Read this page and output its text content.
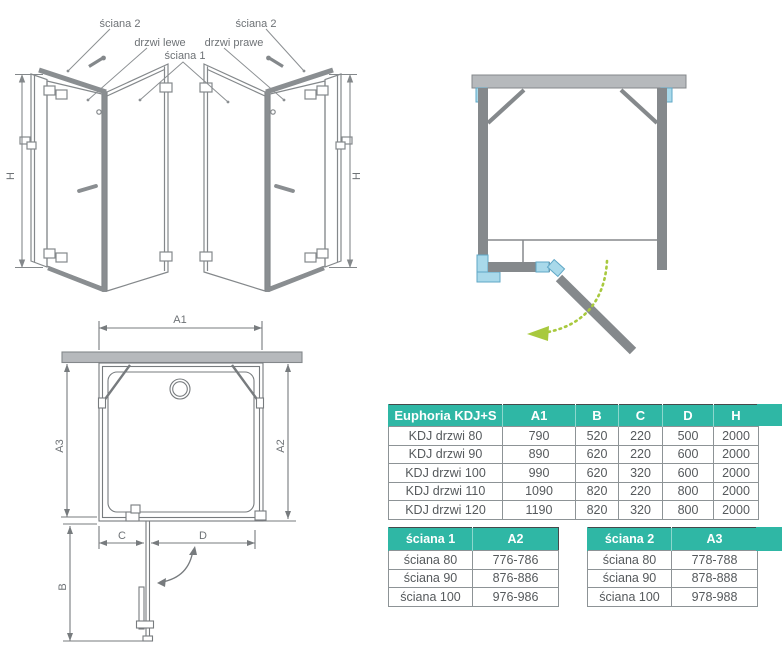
H	H
ściana 2
drzwi lewe
ściana 1
drzwi prawe
ściana 2
A1
A3	A2
B
C	D
Euphoria KDJ+S	A1	B	C	D	H
KDJ drzwi 80	790	520	220	500	2000
KDJ drzwi 90	890	620	220	600	2000
KDJ drzwi 100	990	620	320	600	2000
KDJ drzwi 110	1090	820	220	800	2000
KDJ drzwi 120	1190	820	320	800	2000
ściana 1	A2
ściana 80	776-786
ściana 90	876-886
ściana 100	976-986
ściana 2	A3
ściana 80	778-788
ściana 90	878-888
ściana 100	978-988
